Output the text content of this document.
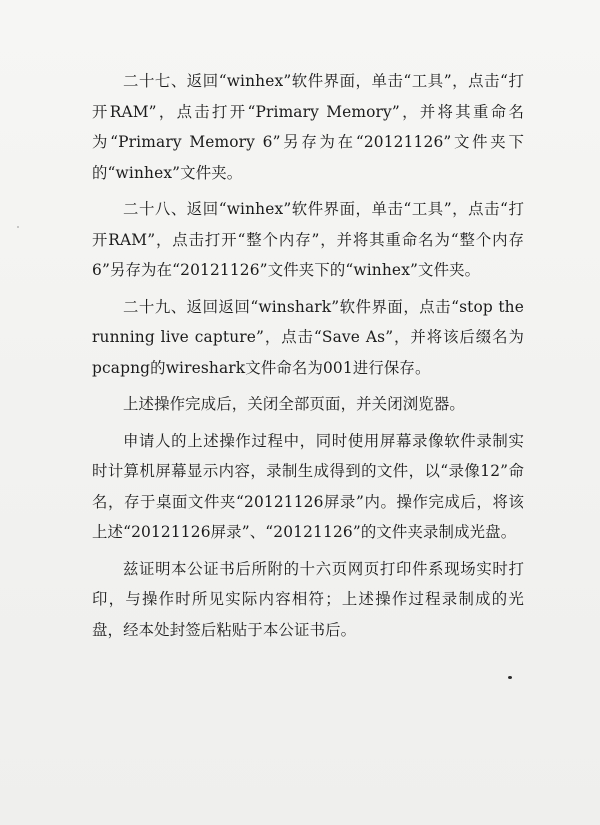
二十七、返回“winhex”软件界面，单击“工具”，点击“打开RAM”，点击打开“Primary Memory”，并将其重命名为“Primary Memory 6”另存为在“20121126”文件夹下的“winhex”文件夹。

二十八、返回“winhex”软件界面，单击“工具”，点击“打开RAM”，点击打开“整个内存”，并将其重命名为“整个内存6”另存为在“20121126”文件夹下的“winhex”文件夹。

二十九、返回返回“winshark”软件界面，点击“stop the running live capture”，点击“Save As”，并将该后缀名为pcapng的wireshark文件命名为001进行保存。

上述操作完成后，关闭全部页面，并关闭浏览器。

申请人的上述操作过程中，同时使用屏幕录像软件录制实时计算机屏幕显示内容，录制生成得到的文件，以“录像12”命名，存于桌面文件夹“20121126屏录”内。操作完成后，将该上述“20121126屏录”、“20121126”的文件夹录制成光盘。

兹证明本公证书后所附的十六页网页打印件系现场实时打印，与操作时所见实际内容相符；上述操作过程录制成的光盘，经本处封签后粘贴于本公证书后。
